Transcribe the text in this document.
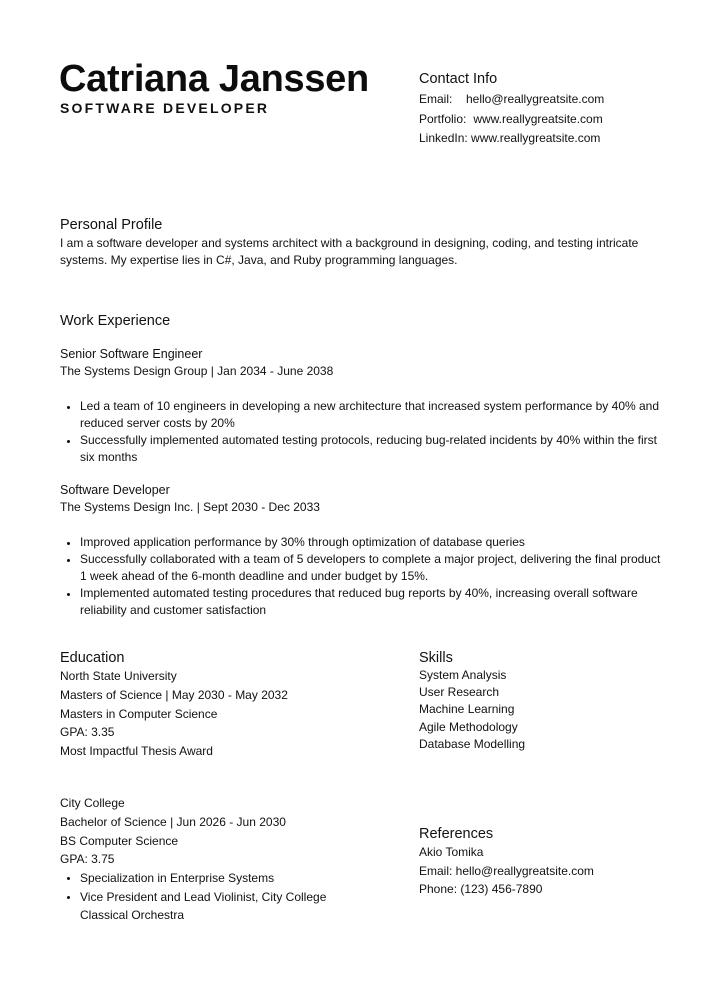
Catriana Janssen
SOFTWARE DEVELOPER
Contact Info
Email: hello@reallygreatsite.com
Portfolio: www.reallygreatsite.com
LinkedIn: www.reallygreatsite.com
Personal Profile

I am a software developer and systems architect with a background in designing, coding, and testing intricate systems. My expertise lies in C#, Java, and Ruby programming languages.

Work Experience
Senior Software Engineer
The Systems Design Group | Jan 2034 - June 2038
Led a team of 10 engineers in developing a new architecture that increased system performance by 40% and reduced server costs by 20%
Successfully implemented automated testing protocols, reducing bug-related incidents by 40% within the first six months
Software Developer
The Systems Design Inc. | Sept 2030 - Dec 2033
Improved application performance by 30% through optimization of database queries
Successfully collaborated with a team of 5 developers to complete a major project, delivering the final product 1 week ahead of the 6-month deadline and under budget by 15%.
Implemented automated testing procedures that reduced bug reports by 40%, increasing overall software reliability and customer satisfaction
Education
North State University
Masters of Science | May 2030 - May 2032
Masters in Computer Science
GPA: 3.35
Most Impactful Thesis Award
City College
Bachelor of Science | Jun 2026 - Jun 2030
BS Computer Science
GPA: 3.75
Specialization in Enterprise Systems
Vice President and Lead Violinist, City College Classical Orchestra
Skills
System Analysis
User Research
Machine Learning
Agile Methodology
Database Modelling
References
Akio Tomika
Email: hello@reallygreatsite.com
Phone: (123) 456-7890
